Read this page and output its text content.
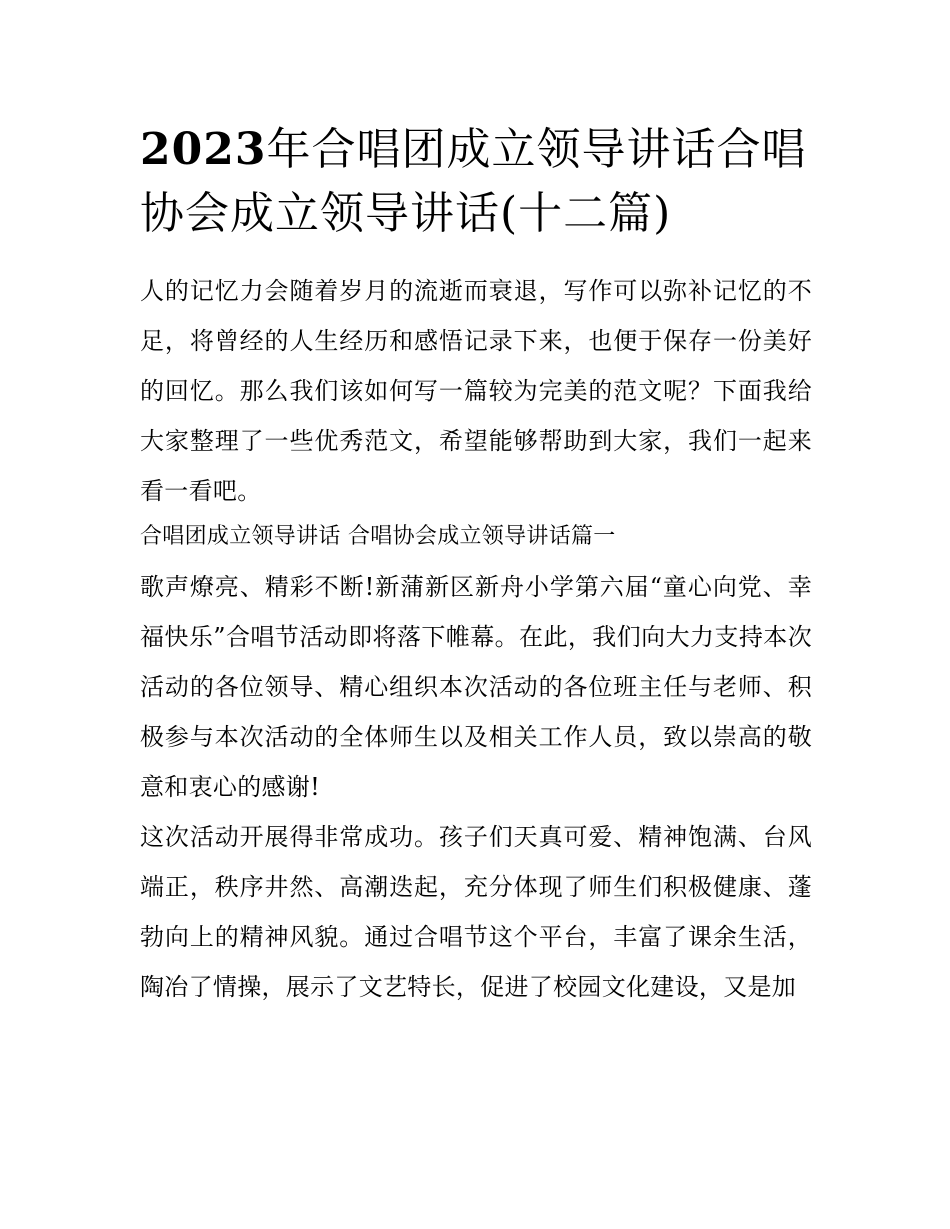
2023年合唱团成立领导讲话合唱协会成立领导讲话(十二篇)

人的记忆力会随着岁月的流逝而衰退，写作可以弥补记忆的不足，将曾经的人生经历和感悟记录下来，也便于保存一份美好的回忆。那么我们该如何写一篇较为完美的范文呢？下面我给大家整理了一些优秀范文，希望能够帮助到大家，我们一起来看一看吧。

合唱团成立领导讲话 合唱协会成立领导讲话篇一

歌声燎亮、精彩不断!新蒲新区新舟小学第六届“童心向党、幸福快乐”合唱节活动即将落下帷幕。在此，我们向大力支持本次活动的各位领导、精心组织本次活动的各位班主任与老师、积极参与本次活动的全体师生以及相关工作人员，致以崇高的敬意和衷心的感谢!

这次活动开展得非常成功。孩子们天真可爱、精神饱满、台风端正，秩序井然、高潮迭起，充分体现了师生们积极健康、蓬勃向上的精神风貌。通过合唱节这个平台，丰富了课余生活，陶冶了情操，展示了文艺特长，促进了校园文化建设，又是加
